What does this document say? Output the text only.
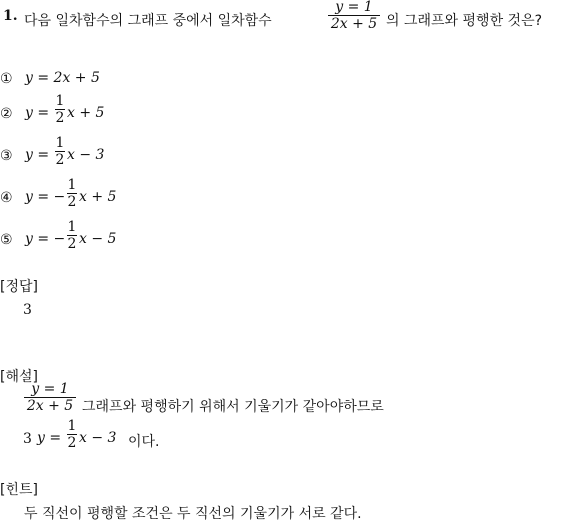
1. 다음 일차함수의 그래프 중에서 일차함수
y = 1
2x + 5 의 그래프와 평행한 것은?
① y = 2x + 5
② y =
1
2 x + 5
③ y =
1
2 x − 3
④ y = −
1
2 x + 5
⑤ y = −
1
2 x − 5
[정답]
3
[해설]
y = 1
2x + 5 그래프와 평행하기 위해서 기울기가 같아야하므로
3 y =
1
2 x − 3 이다.
[힌트]
두 직선이 평행할 조건은 두 직선의 기울기가 서로 같다.
